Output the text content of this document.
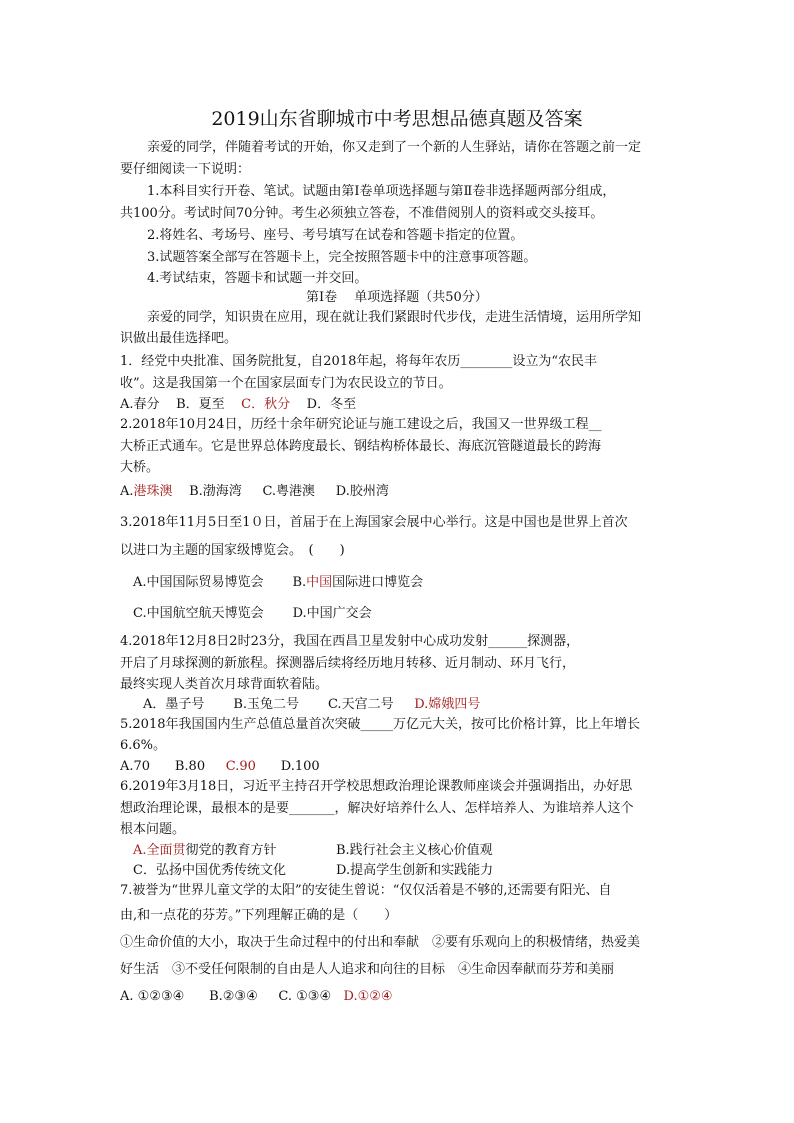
2019山东省聊城市中考思想品德真题及答案
亲爱的同学，伴随着考试的开始，你又走到了一个新的人生驿站，请你在答题之前一定
要仔细阅读一下说明：
1.本科目实行开卷、笔试。试题由第Ⅰ卷单项选择题与第Ⅱ卷非选择题两部分组成，
共100分。考试时间70分钟。考生必须独立答卷，不准借阅别人的资料或交头接耳。
2.将姓名、考场号、座号、考号填写在试卷和答题卡指定的位置。
3.试题答案全部写在答题卡上，完全按照答题卡中的注意事项答题。
4.考试结束，答题卡和试题一并交回。
第Ⅰ卷　 单项选择题（共50分）
亲爱的同学，知识贵在应用，现在就让我们紧跟时代步伐，走进生活情境，运用所学知
识做出最佳选择吧。
1．经党中央批准、国务院批复，自2018年起，将每年农历________设立为“农民丰
收”。这是我国第一个在国家层面专门为农民设立的节日。
A.春分 B．夏至 C．秋分 D．冬至
2.2018年10月24日，历经十余年研究论证与施工建设之后，我国又一世界级工程__
大桥正式通车。它是世界总体跨度最长、钢结构桥体最长、海底沉管隧道最长的跨海
大桥。
A.港珠澳 B.渤海湾 C.粤港澳 D.胶州湾
3.2018年11月5日至1０日，首届于在上海国家会展中心举行。这是中国也是世界上首次
以进口为主题的国家级博览会。　(　　)
A.中国国际贸易博览会 B.中国国际进口博览会
C.中国航空航天博览会 D.中国广交会
4.2018年12月8日2时23分，我国在西昌卫星发射中心成功发射______探测器，
开启了月球探测的新旅程。探测器后续将经历地月转移、近月制动、环月飞行，
最终实现人类首次月球背面软着陆。
A．墨子号 B.玉兔二号 C.天宫二号 D.嫦娥四号
5.2018年我国国内生产总值总量首次突破_____万亿元大关，按可比价格计算，比上年增长
6.6%。
A.70 B.80 C.90 D.100
6.2019年3月18日，习近平主持召开学校思想政治理论课教师座谈会并强调指出，办好思
想政治理论课，最根本的是要_______，解决好培养什么人、怎样培养人、为谁培养人这个
根本问题。
A.全面贯彻党的教育方针	B.践行社会主义核心价值观
C．弘扬中国优秀传统文化	D.提高学生创新和实践能力
7.被誉为“世界儿童文学的太阳”的安徒生曾说：“仅仅活着是不够的,还需要有阳光、自
由,和一点花的芬芳。”下列理解正确的是（　　）
①生命价值的大小，取决于生命过程中的付出和奉献　②要有乐观向上的积极情绪，热爱美
好生活　③不受任何限制的自由是人人追求和向往的目标　④生命因奉献而芬芳和美丽
A. ①②③④ B.②③④ C. ①③④ D.①②④
